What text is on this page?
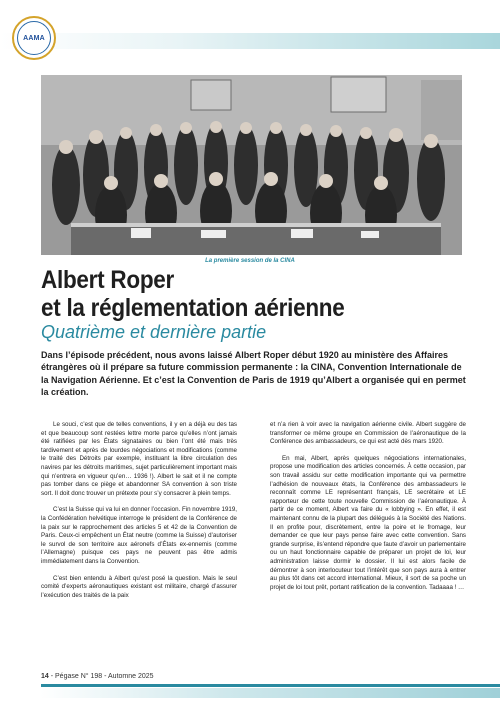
AAMA
La première session de la CINA
Albert Roper
et la réglementation aérienne
Quatrième et dernière partie
Dans l’épisode précédent, nous avons laissé Albert Roper début 1920 au ministère des Affaires étrangères où il prépare sa future commission permanente : la CINA, Convention Internationale de la Navigation Aérienne. Et c’est la Convention de Paris de 1919 qu’Albert a organisée qui en permet la création.

Le souci, c’est que de telles conventions, il y en a déjà eu des tas et que beaucoup sont restées lettre morte parce qu’elles n’ont jamais été ratifiées par les États signataires ou bien l’ont été mais très tardivement et après de lourdes négociations et modifications (comme le traité des Détroits par exemple, instituant la libre circulation des navires par les détroits maritimes, sujet particulièrement important mais qui n’entrera en vigueur qu’en… 1936 !). Albert le sait et il ne compte pas tomber dans ce piège et abandonner SA convention à son triste sort. Il doit donc trouver un prétexte pour s’y consacrer à plein temps.

C’est la Suisse qui va lui en donner l’occasion. Fin novembre 1919, la Confédération helvétique interroge le président de la Conférence de la paix sur le rapprochement des articles 5 et 42 de la Convention de Paris. Ceux-ci empêchent un État neutre (comme la Suisse) d’autoriser le survol de son territoire aux aéronefs d’États ex-ennemis (comme l’Allemagne) puisque ces pays ne peuvent pas être admis immédiatement dans la Convention.

C’est bien entendu à Albert qu’est posé la question. Mais le seul comité d’experts aéronautiques existant est militaire, chargé d’assurer l’exécution des traités de la paix

et n’a rien à voir avec la navigation aérienne civile. Albert suggère de transformer ce même groupe en Commission de l’aéronautique de la Conférence des ambassadeurs, ce qui est acté dès mars 1920.

En mai, Albert, après quelques négociations internationales, propose une modification des articles concernés. À cette occasion, par son travail assidu sur cette modification importante qui va permettre l’adhésion de nouveaux états, la Conférence des ambassadeurs le reconnaît comme LE représentant français, LE secrétaire et LE rapporteur de cette toute nouvelle Commission de l’aéronautique. À partir de ce moment, Albert va faire du « lobbying ». En effet, il est maintenant connu de la plupart des délégués à la Société des Nations. Il en profite pour, discrètement, entre la poire et le fromage, leur demander ce que leur pays pense faire avec cette convention. Sans grande surprise, ils’entend répondre que faute d’avoir un parlementaire ou un haut fonctionnaire capable de préparer un projet de loi, leur administration laisse dormir le dossier. Il lui est alors facile de démontrer à son interlocuteur tout l’intérêt que son pays aura à entrer au plus tôt dans cet accord international. Mieux, il sort de sa poche un projet de loi tout prêt, portant ratification de la convention. Tadaaaa ! …

14 - Pégase N° 198 - Automne 2025
